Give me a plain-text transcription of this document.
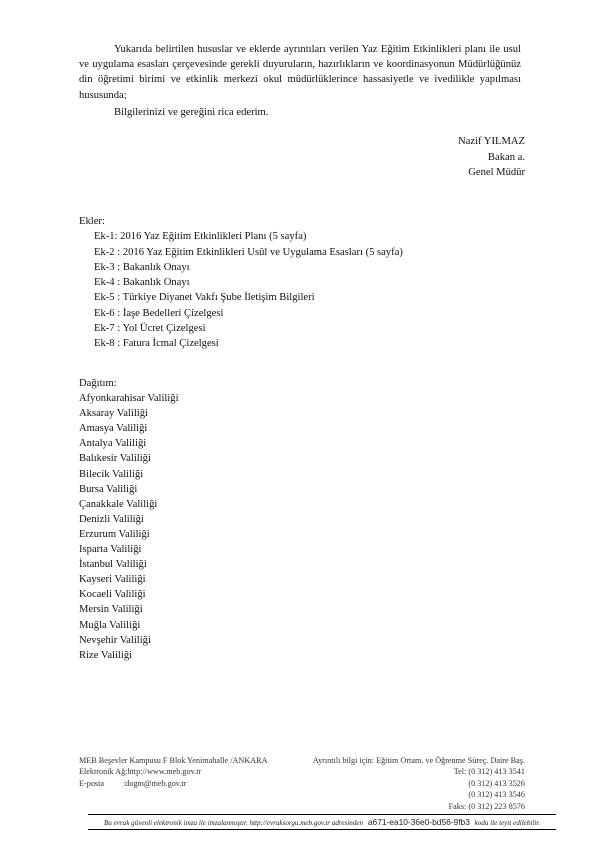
Yukarıda belirtilen hususlar ve eklerde ayrıntıları verilen Yaz Eğitim Etkinlikleri planı ile usul ve uygulama esasları çerçevesinde gerekli duyuruların, hazırlıkların ve koordinasyonun Müdürlüğünüz din öğretimi birimi ve etkinlik merkezi okul müdürlüklerince hassasiyetle ve ivedilikle yapılması hususunda;

Bilgilerinizi ve gereğini rica ederim.

Nazif YILMAZ
Bakan a.
Genel Müdür
Ekler:
Ek-1: 2016 Yaz Eğitim Etkinlikleri Planı (5 sayfa)
Ek-2 : 2016 Yaz Eğitim Etkinlikleri Usûl ve Uygulama Esasları (5 sayfa)
Ek-3 : Bakanlık Onayı
Ek-4 : Bakanlık Onayı
Ek-5 : Türkiye Diyanet Vakfı Şube İletişim Bilgileri
Ek-6 : İaşe Bedelleri Çizelgesi
Ek-7 : Yol Ücret Çizelgesi
Ek-8 : Fatura İcmal Çizelgesi
Dağıtım:
Afyonkarahisar Valiliği
Aksaray Valiliği
Amasya Valiliği
Antalya Valiliği
Balıkesir Valiliği
Bilecik Valiliği
Bursa Valiliği
Çanakkale Valiliği
Denizli Valiliği
Erzurum Valiliği
Isparta Valiliği
İstanbul Valiliği
Kayseri Valiliği
Kocaeli Valiliği
Mersin Valiliği
Muğla Valiliği
Nevşehir Valiliği
Rize Valiliği
MEB Beşevler Kampusu F Blok Yenimahalle /ANKARA	Ayrıntılı bilgi için: Eğitim Ortam. ve Öğrenme Süreç. Daire Baş.
Elektronik Ağ:http://www.meb.gov.tr	Tel: (0 312) 413 3541
E-posta :dogm@meb.gov.tr	(0 312) 413 3526
(0 312) 413 3546
Faks: (0 312) 223 8576
Bu evrak güvenli elektronik imza ile imzalanmıştır. http://evraksorgu.meb.gov.tr adresinden a671-ea10-36e0-bd56-9fb3 kodu ile teyit edilebilir.
